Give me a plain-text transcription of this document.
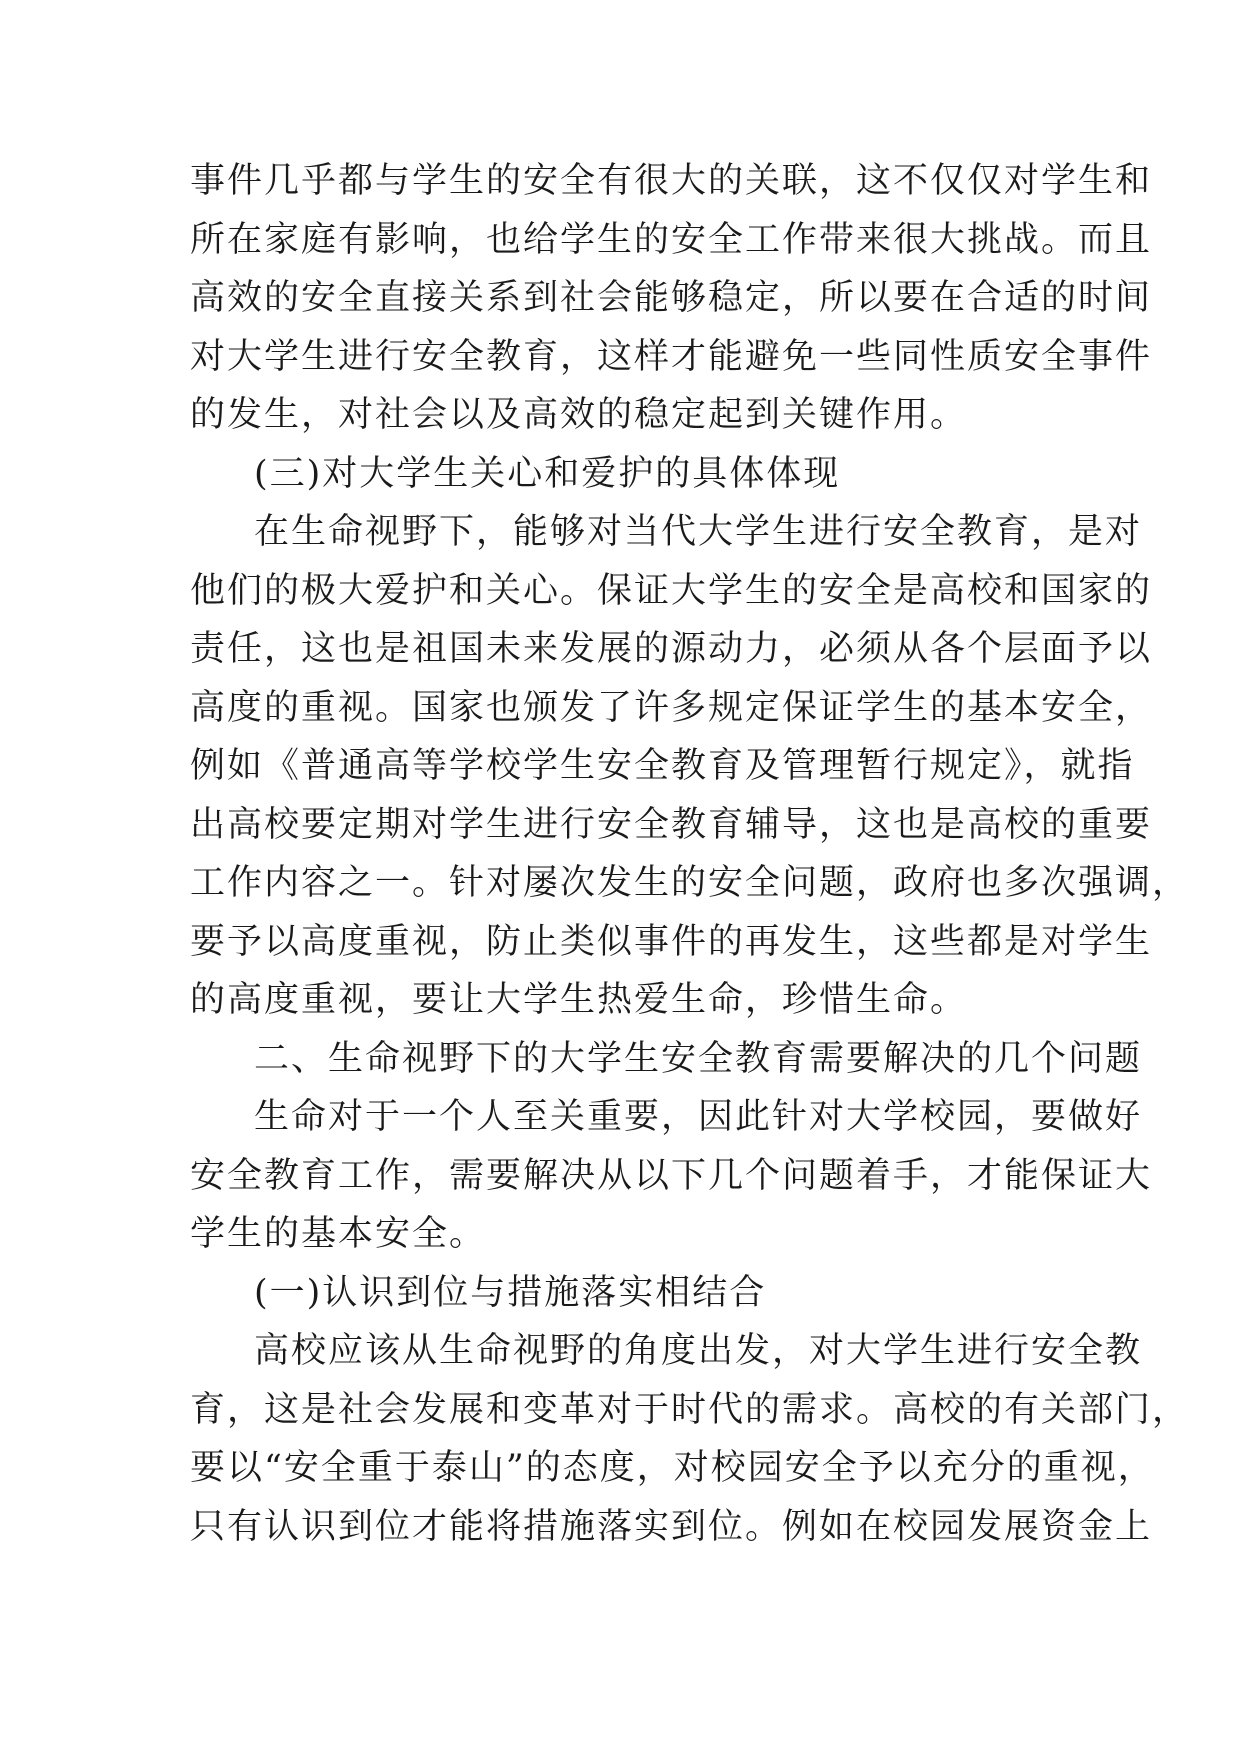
事件几乎都与学生的安全有很大的关联，这不仅仅对学生和
所在家庭有影响，也给学生的安全工作带来很大挑战。而且
高效的安全直接关系到社会能够稳定，所以要在合适的时间
对大学生进行安全教育，这样才能避免一些同性质安全事件
的发生，对社会以及高效的稳定起到关键作用。
(三)对大学生关心和爱护的具体体现
在生命视野下，能够对当代大学生进行安全教育，是对
他们的极大爱护和关心。保证大学生的安全是高校和国家的
责任，这也是祖国未来发展的源动力，必须从各个层面予以
高度的重视。国家也颁发了许多规定保证学生的基本安全，
例如《普通高等学校学生安全教育及管理暂行规定》，就指
出高校要定期对学生进行安全教育辅导，这也是高校的重要
工作内容之一。针对屡次发生的安全问题，政府也多次强调，
要予以高度重视，防止类似事件的再发生，这些都是对学生
的高度重视，要让大学生热爱生命，珍惜生命。
二、生命视野下的大学生安全教育需要解决的几个问题
生命对于一个人至关重要，因此针对大学校园，要做好
安全教育工作，需要解决从以下几个问题着手，才能保证大
学生的基本安全。
(一)认识到位与措施落实相结合
高校应该从生命视野的角度出发，对大学生进行安全教
育，这是社会发展和变革对于时代的需求。高校的有关部门，
要以“安全重于泰山”的态度，对校园安全予以充分的重视，
只有认识到位才能将措施落实到位。例如在校园发展资金上
